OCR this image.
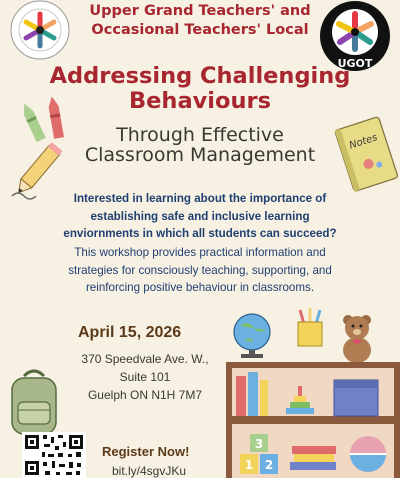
Upper Grand Teachers' and
Occasional Teachers' Local
UGOT
Addressing Challenging
Behaviours
Through Effective
Classroom Management
Notes
Interested in learning about the importance of
establishing safe and inclusive learning
enviornments in which all students can succeed?
This workshop provides practical information and
strategies for consciously teaching, supporting, and
reinforcing positive behaviour in classrooms.
April 15, 2026
370 Speedvale Ave. W.,
Suite 101
Guelph ON N1H 7M7
Register Now!
bit.ly/4sgvJKu
3
1 2
